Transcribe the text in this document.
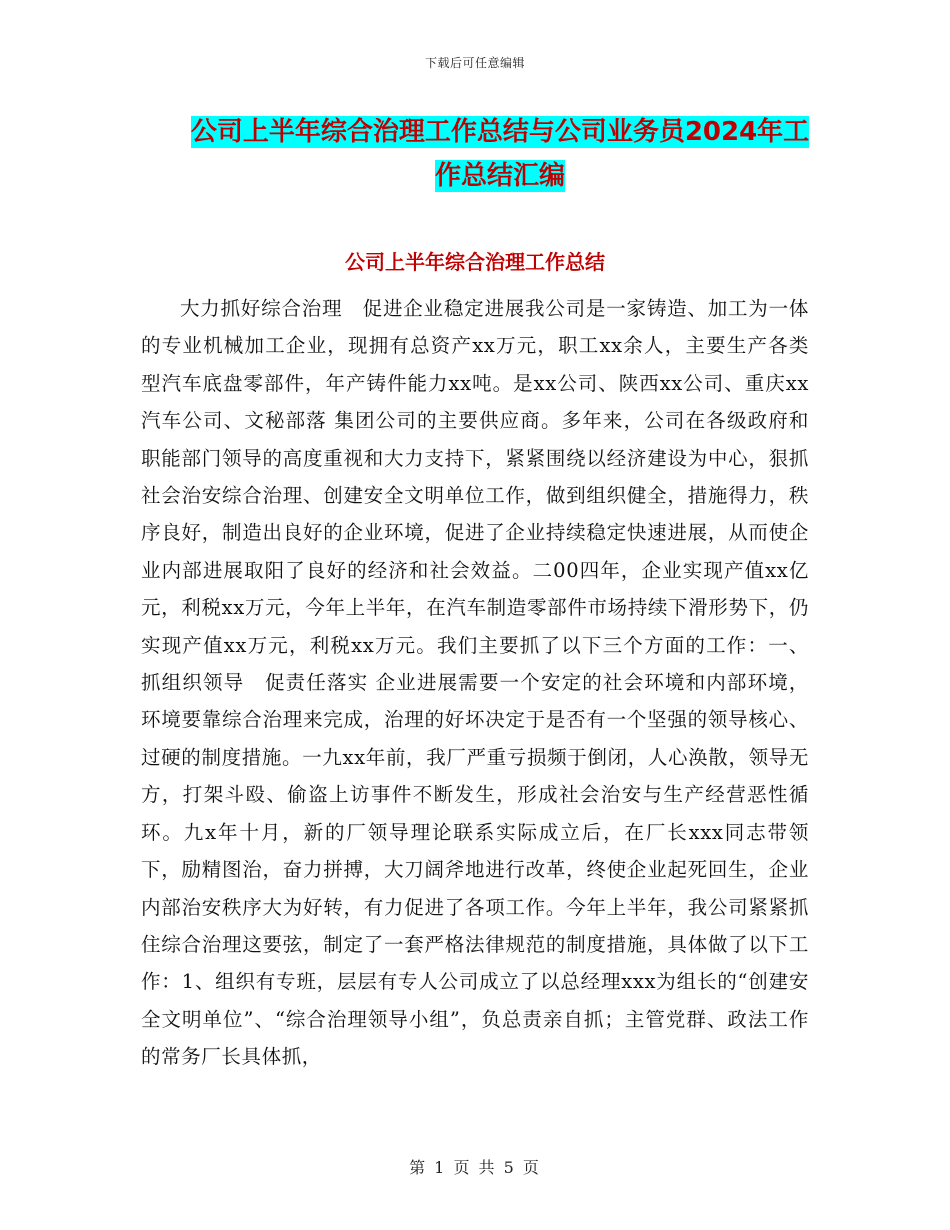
下载后可任意编辑
公司上半年综合治理工作总结与公司业务员2024年工
作总结汇编
公司上半年综合治理工作总结
大力抓好综合治理　促进企业稳定进展我公司是一家铸造、加工为一体的专业机械加工企业，现拥有总资产xx万元，职工xx余人，主要生产各类型汽车底盘零部件，年产铸件能力xx吨。是xx公司、陕西xx公司、重庆xx汽车公司、文秘部落 集团公司的主要供应商。多年来，公司在各级政府和职能部门领导的高度重视和大力支持下，紧紧围绕以经济建设为中心，狠抓社会治安综合治理、创建安全文明单位工作，做到组织健全，措施得力，秩序良好，制造出良好的企业环境，促进了企业持续稳定快速进展，从而使企业内部进展取阳了良好的经济和社会效益。二00四年，企业实现产值xx亿元，利税xx万元，今年上半年，在汽车制造零部件市场持续下滑形势下，仍实现产值xx万元，利税xx万元。我们主要抓了以下三个方面的工作：一、抓组织领导　促责任落实 企业进展需要一个安定的社会环境和内部环境，环境要靠综合治理来完成，治理的好坏决定于是否有一个坚强的领导核心、过硬的制度措施。一九xx年前，我厂严重亏损频于倒闭，人心涣散，领导无方，打架斗殴、偷盗上访事件不断发生，形成社会治安与生产经营恶性循环。九x年十月，新的厂领导理论联系实际成立后，在厂长xxx同志带领下，励精图治，奋力拼搏，大刀阔斧地进行改革，终使企业起死回生，企业内部治安秩序大为好转，有力促进了各项工作。今年上半年，我公司紧紧抓住综合治理这要弦，制定了一套严格法律规范的制度措施，具体做了以下工作：1、组织有专班，层层有专人公司成立了以总经理xxx为组长的“创建安全文明单位”、“综合治理领导小组”，负总责亲自抓；主管党群、政法工作的常务厂长具体抓，
第 1 页 共 5 页
